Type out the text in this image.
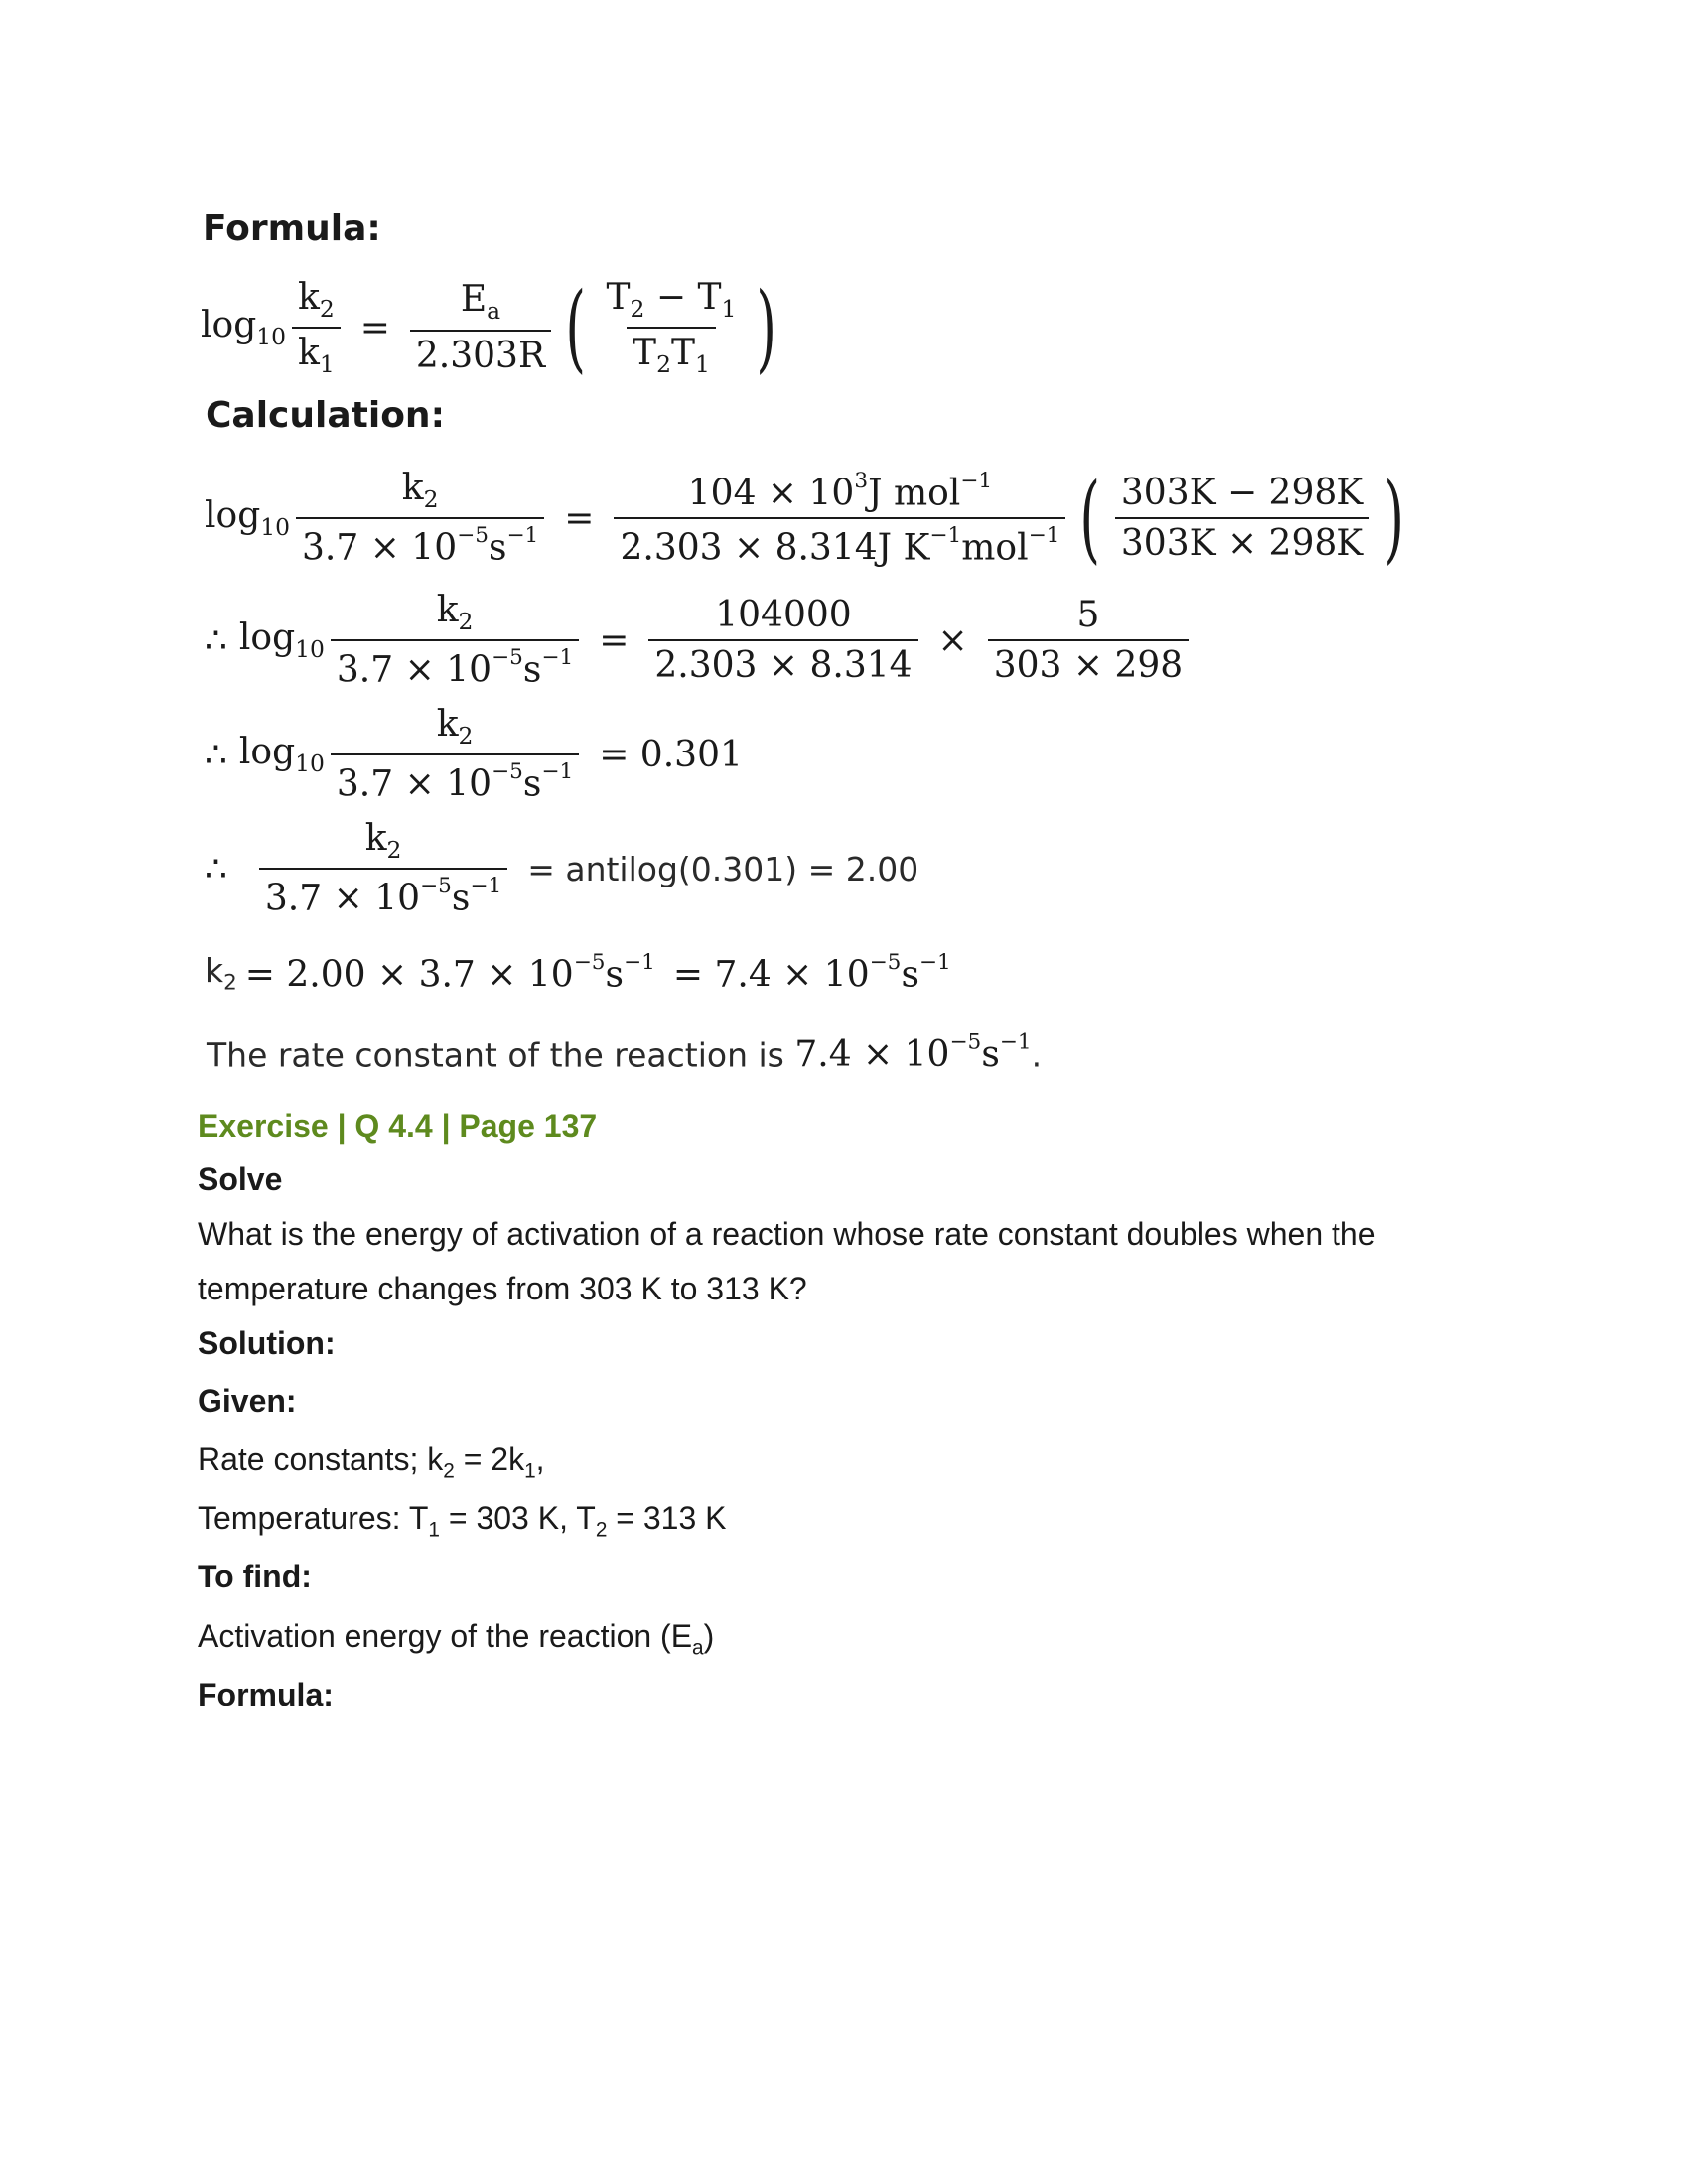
Formula:
$\log_{10} \frac{k_2}{k_1} = \frac{E_a}{2.303R}$ ( $\frac{T_2 - T_1}{T_2T_1}$ )
Calculation:
$\log_{10} \frac{k_2}{3.7 \times 10^{-5}s^{-1}} = \frac{104 \times 10^3J mol^{-1}}{2.303 \times 8.314J K^{-1}mol^{-1}}$ ( $\frac{303K - 298K}{303K \times 298K}$ )
∴ $\log_{10} \frac{k_2}{3.7 \times 10^{-5}s^{-1}} = \frac{104000}{2.303 \times 8.314} \times \frac{5}{303 \times 298}$
∴ $\log_{10} \frac{k_2}{3.7 \times 10^{-5}s^{-1}} = 0.301$
∴ $\frac{k_2}{3.7 \times 10^{-5}s^{-1}}$ = antilog(0.301) = 2.00
$k_2 = 2.00 \times 3.7 \times 10^{-5}s^{-1} = 7.4 \times 10^{-5}s^{-1}$
The rate constant of the reaction is $7.4 \times 10^{-5}s^{-1}$.
Exercise | Q 4.4 | Page 137
Solve
What is the energy of activation of a reaction whose rate constant doubles when the
temperature changes from 303 K to 313 K?
Solution:
Given:
Rate constants; $k_2 = 2k_1$,
Temperatures: $T_1 = 303$ K, $T_2 = 313$ K
To find:
Activation energy of the reaction $(E_a)$
Formula:
